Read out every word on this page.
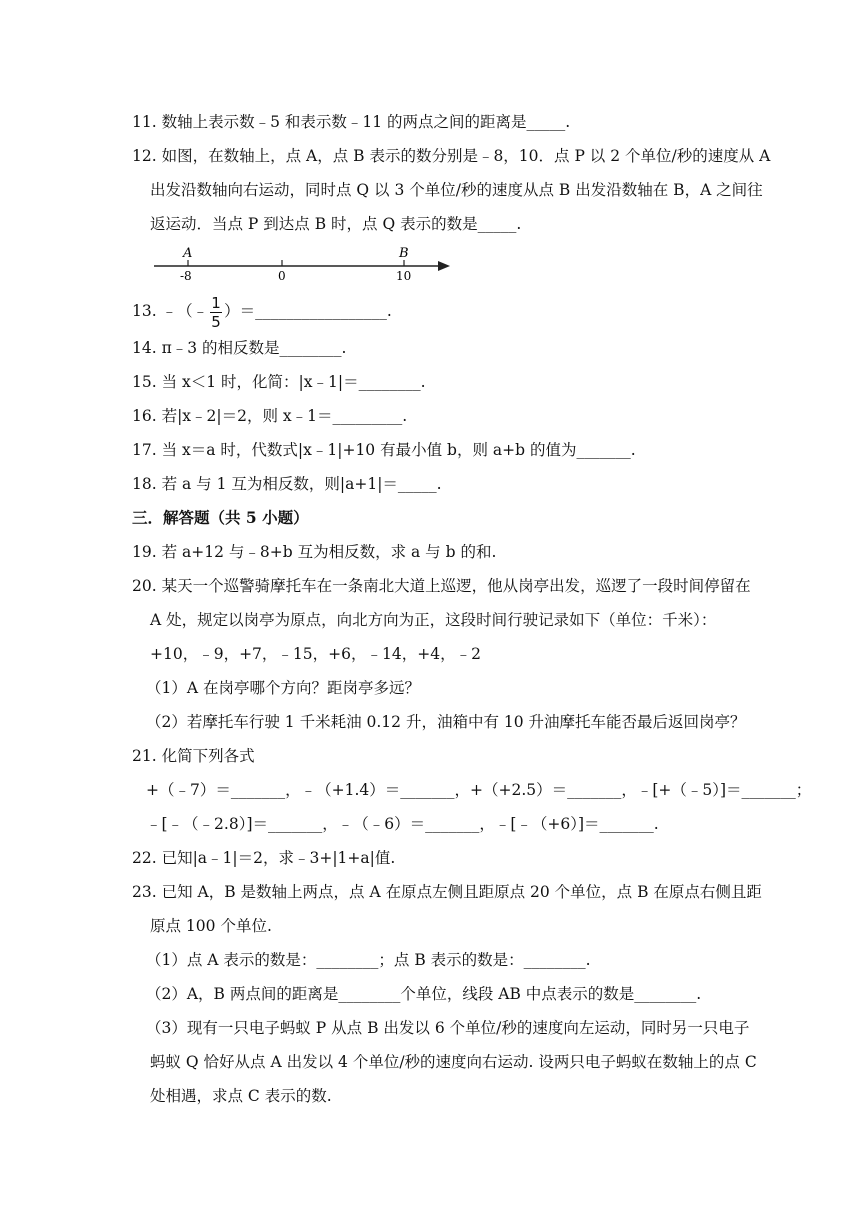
11. 数轴上表示数﹣5 和表示数﹣11 的两点之间的距离是_____.
12. 如图，在数轴上，点 A，点 B 表示的数分别是﹣8，10．点 P 以 2 个单位/秒的速度从 A
出发沿数轴向右运动，同时点 Q 以 3 个单位/秒的速度从点 B 出发沿数轴在 B，A 之间往
返运动．当点 P 到达点 B 时，点 Q 表示的数是_____.
A	B
-8	0	10
13. ﹣（﹣ $\frac{1}{5}$ ）＝_________________.
14. π﹣3 的相反数是________.
15. 当 x＜1 时，化简：|x﹣1|＝________.
16. 若|x﹣2|＝2，则 x﹣1＝_________.
17. 当 x＝a 时，代数式|x﹣1|+10 有最小值 b，则 a+b 的值为_______.
18. 若 a 与 1 互为相反数，则|a+1|＝_____.
三．解答题（共 5 小题）
19. 若 a+12 与﹣8+b 互为相反数，求 a 与 b 的和.
20. 某天一个巡警骑摩托车在一条南北大道上巡逻，他从岗亭出发，巡逻了一段时间停留在
A 处，规定以岗亭为原点，向北方向为正，这段时间行驶记录如下（单位：千米）：
+10，﹣9，+7，﹣15，+6，﹣14，+4，﹣2
（1）A 在岗亭哪个方向？距岗亭多远？
（2）若摩托车行驶 1 千米耗油 0.12 升，油箱中有 10 升油摩托车能否最后返回岗亭？
21. 化简下列各式
+（﹣7）＝_______，﹣（+1.4）＝_______，+（+2.5）＝_______，﹣[+（﹣5）]＝_______；
﹣[﹣（﹣2.8）]＝_______，﹣（﹣6）＝_______，﹣[﹣（+6）]＝_______.
22. 已知|a﹣1|＝2，求﹣3+|1+a|值.
23. 已知 A，B 是数轴上两点，点 A 在原点左侧且距原点 20 个单位，点 B 在原点右侧且距
原点 100 个单位.
（1）点 A 表示的数是：________；点 B 表示的数是：________.
（2）A，B 两点间的距离是________个单位，线段 AB 中点表示的数是________.
（3）现有一只电子蚂蚁 P 从点 B 出发以 6 个单位/秒的速度向左运动，同时另一只电子
蚂蚁 Q 恰好从点 A 出发以 4 个单位/秒的速度向右运动. 设两只电子蚂蚁在数轴上的点 C
处相遇，求点 C 表示的数.
